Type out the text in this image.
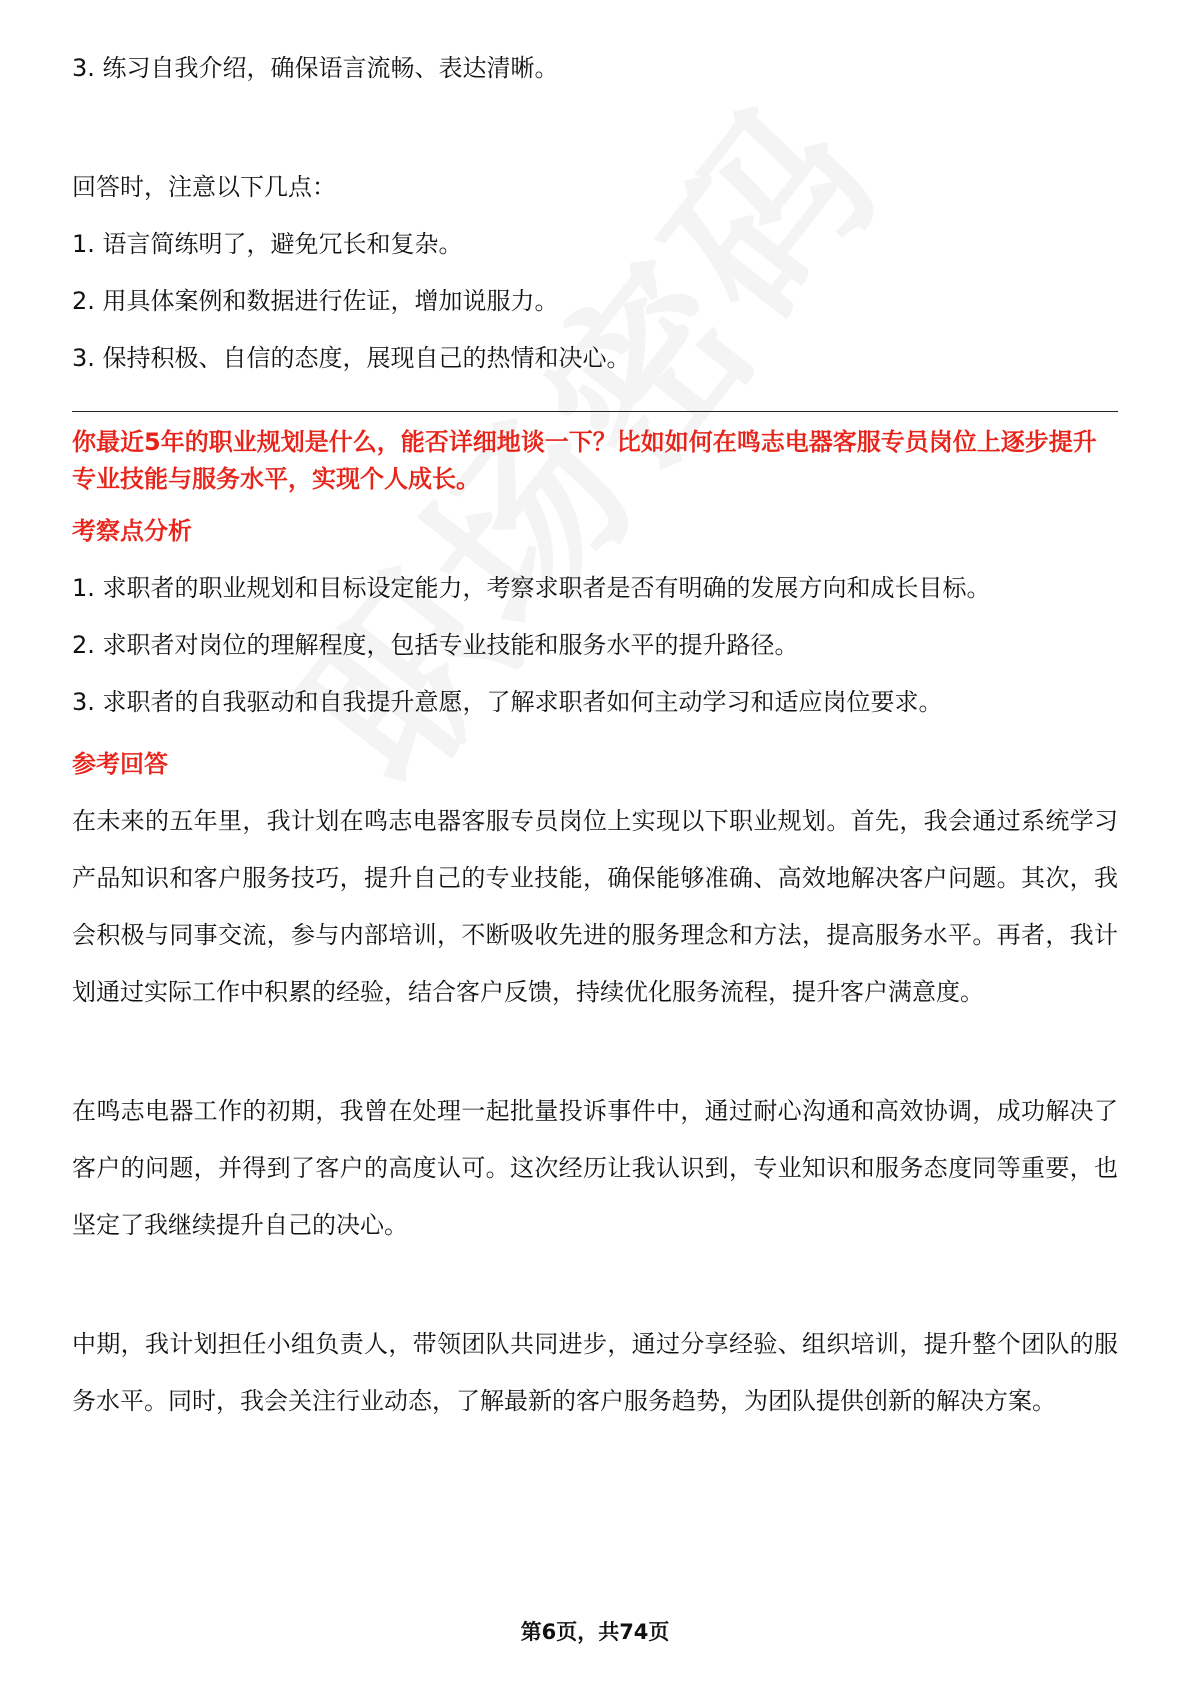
3. 练习自我介绍，确保语言流畅、表达清晰。

回答时，注意以下几点：

1. 语言简练明了，避免冗长和复杂。

2. 用具体案例和数据进行佐证，增加说服力。

3. 保持积极、自信的态度，展现自己的热情和决心。

你最近5年的职业规划是什么，能否详细地谈一下？比如如何在鸣志电器客服专员岗位上逐步提升专业技能与服务水平，实现个人成长。

考察点分析

1. 求职者的职业规划和目标设定能力，考察求职者是否有明确的发展方向和成长目标。

2. 求职者对岗位的理解程度，包括专业技能和服务水平的提升路径。

3. 求职者的自我驱动和自我提升意愿，了解求职者如何主动学习和适应岗位要求。

参考回答

在未来的五年里，我计划在鸣志电器客服专员岗位上实现以下职业规划。首先，我会通过系统学习产品知识和客户服务技巧，提升自己的专业技能，确保能够准确、高效地解决客户问题。其次，我会积极与同事交流，参与内部培训，不断吸收先进的服务理念和方法，提高服务水平。再者，我计划通过实际工作中积累的经验，结合客户反馈，持续优化服务流程，提升客户满意度。

在鸣志电器工作的初期，我曾在处理一起批量投诉事件中，通过耐心沟通和高效协调，成功解决了客户的问题，并得到了客户的高度认可。这次经历让我认识到，专业知识和服务态度同等重要，也坚定了我继续提升自己的决心。

中期，我计划担任小组负责人，带领团队共同进步，通过分享经验、组织培训，提升整个团队的服务水平。同时，我会关注行业动态，了解最新的客户服务趋势，为团队提供创新的解决方案。

第6页，共74页
